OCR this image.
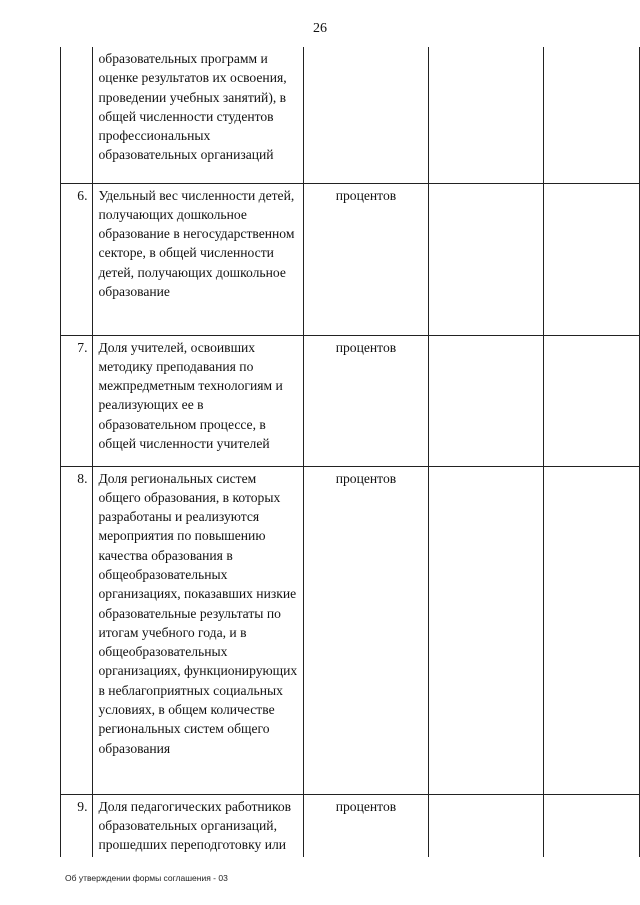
26
	образовательных программ и оценке результатов их освоения, проведении учебных занятий), в общей численности студентов профессиональных образовательных организаций			
6.	Удельный вес численности детей, получающих дошкольное образование в негосударственном секторе, в общей численности детей, получающих дошкольное образование	процентов		
7.	Доля учителей, освоивших методику преподавания по межпредметным технологиям и реализующих ее в образовательном процессе, в общей численности учителей	процентов		
8.	Доля региональных систем общего образования, в которых разработаны и реализуются мероприятия по повышению качества образования в общеобразовательных организациях, показавших низкие образовательные результаты по итогам учебного года, и в общеобразовательных организациях, функционирующих в неблагоприятных социальных условиях, в общем количестве региональных систем общего образования	процентов		
9.	Доля педагогических работников образовательных организаций, прошедших переподготовку или	процентов		
Об утверждении формы соглашения - 03
